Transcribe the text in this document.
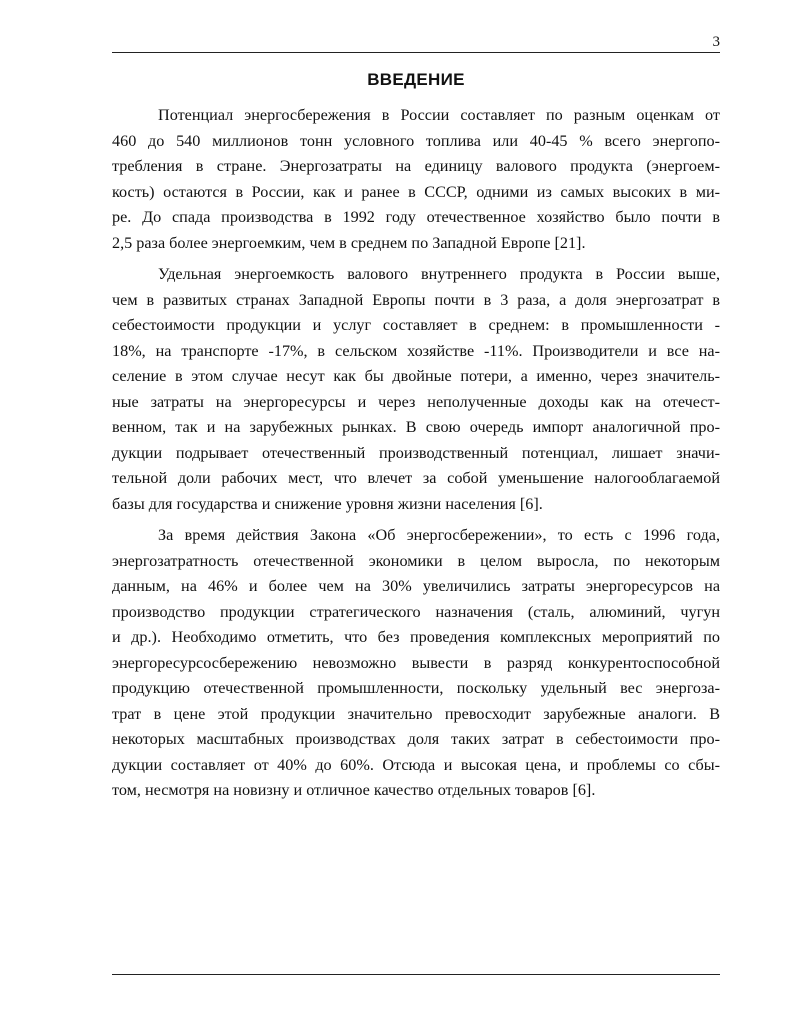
3
ВВЕДЕНИЕ
Потенциал энергосбережения в России составляет по разным оценкам от
460 до 540 миллионов тонн условного топлива или 40-45 % всего энергопо-
требления в стране. Энергозатраты на единицу валового продукта (энергоем-
кость) остаются в России, как и ранее в СССР, одними из самых высоких в ми-
ре. До спада производства в 1992 году отечественное хозяйство было почти в
2,5 раза более энергоемким, чем в среднем по Западной Европе [21].
Удельная энергоемкость валового внутреннего продукта в России выше,
чем в развитых странах Западной Европы почти в 3 раза, а доля энергозатрат в
себестоимости продукции и услуг составляет в среднем: в промышленности -
18%, на транспорте -17%, в сельском хозяйстве -11%. Производители и все на-
селение в этом случае несут как бы двойные потери, а именно, через значитель-
ные затраты на энергоресурсы и через неполученные доходы как на отечест-
венном, так и на зарубежных рынках. В свою очередь импорт аналогичной про-
дукции подрывает отечественный производственный потенциал, лишает значи-
тельной доли рабочих мест, что влечет за собой уменьшение налогооблагаемой
базы для государства и снижение уровня жизни населения [6].
За время действия Закона «Об энергосбережении», то есть с 1996 года,
энергозатратность отечественной экономики в целом выросла, по некоторым
данным, на 46% и более чем на 30% увеличились затраты энергоресурсов на
производство продукции стратегического назначения (сталь, алюминий, чугун
и др.). Необходимо отметить, что без проведения комплексных мероприятий по
энергоресурсосбережению невозможно вывести в разряд конкурентоспособной
продукцию отечественной промышленности, поскольку удельный вес энергоза-
трат в цене этой продукции значительно превосходит зарубежные аналоги. В
некоторых масштабных производствах доля таких затрат в себестоимости про-
дукции составляет от 40% до 60%. Отсюда и высокая цена, и проблемы со сбы-
том, несмотря на новизну и отличное качество отдельных товаров [6].
